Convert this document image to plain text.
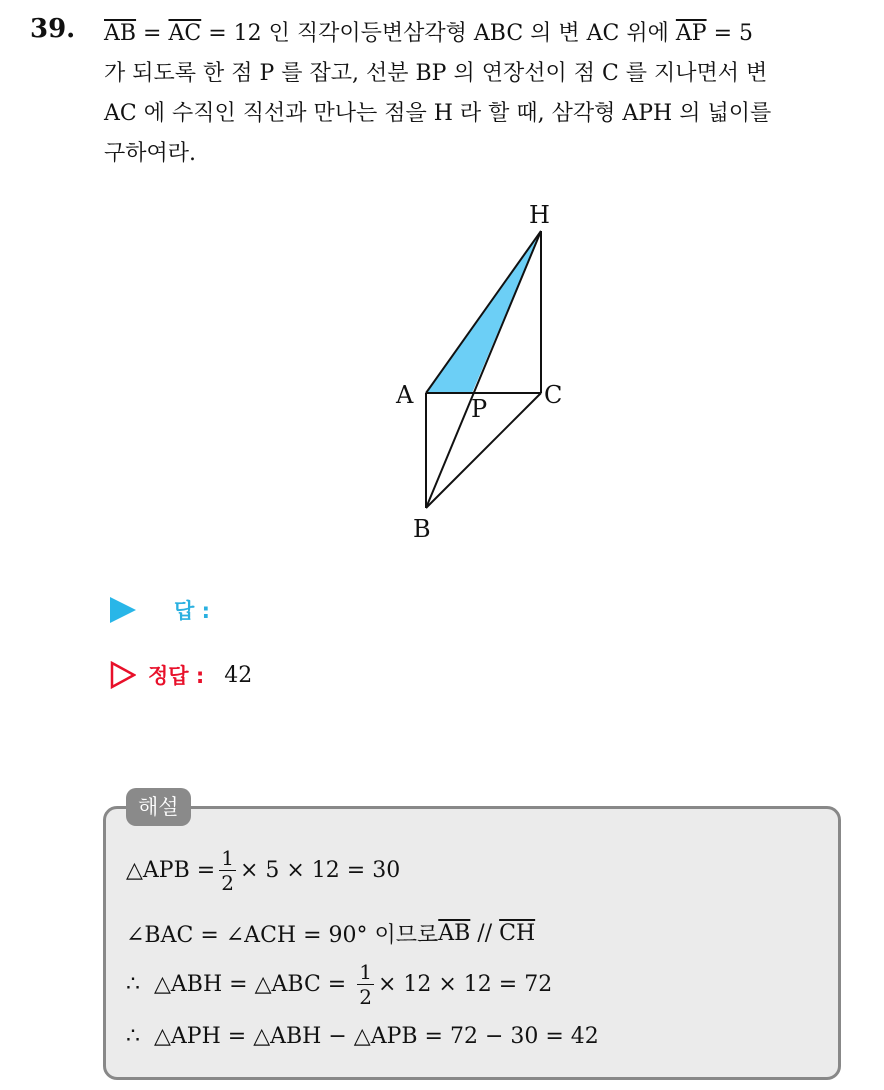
39. $\overline{AB} = \overline{AC} = 12$ 인 직각이등변삼각형 ABC 의 변 AC 위에 $\overline{AP} = 5$
가 되도록 한 점 P 를 잡고, 선분 BP 의 연장선이 점 C 를 지나면서 변
AC 에 수직인 직선과 만나는 점을 H 라 할 때, 삼각형 APH 의 넓이를
구하여라.
H
A P C
B
답 :
정답 : 42
해설
△APB = $\frac{1}{2} \times 5 \times 12 = 30$
∠BAC = ∠ACH = 90° 이므로 $\overline{AB} // \overline{CH}$
∴  △ABH = △ABC = $\frac{1}{2} \times 12 \times 12 = 72$
∴  △APH = △ABH − △APB = 72 − 30 = 42
